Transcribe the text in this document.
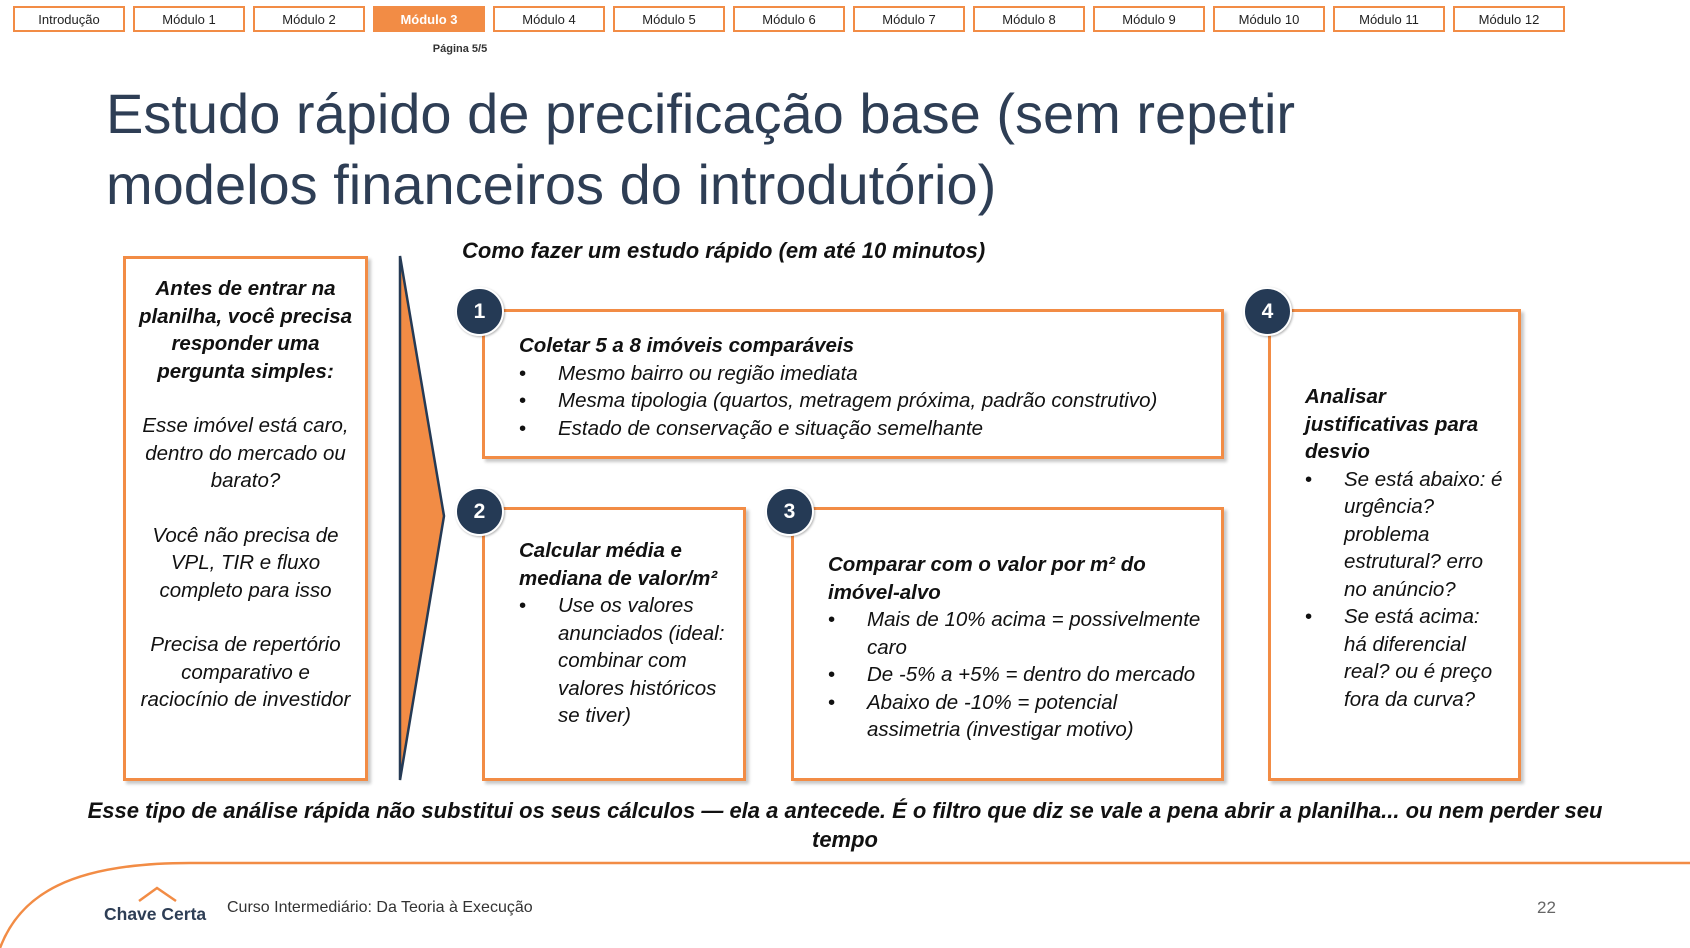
Introdução	Módulo 1	Módulo 2	Módulo 3	Módulo 4	Módulo 5	Módulo 6	Módulo 7	Módulo 8	Módulo 9	Módulo 10	Módulo 11	Módulo 12
Página 5/5
Estudo rápido de precificação base (sem repetir
modelos financeiros do introdutório)
Antes de entrar na planilha, você precisa responder uma pergunta simples:
Esse imóvel está caro, dentro do mercado ou barato?
Você não precisa de VPL, TIR e fluxo completo para isso
Precisa de repertório comparativo e raciocínio de investidor
Como fazer um estudo rápido (em até 10 minutos)
Coletar 5 a 8 imóveis comparáveis
• Mesmo bairro ou região imediata
• Mesma tipologia (quartos, metragem próxima, padrão construtivo)
• Estado de conservação e situação semelhante
1
Calcular média e mediana de valor/m²
• Use os valores anunciados (ideal: combinar com valores históricos se tiver)
2
Comparar com o valor por m² do imóvel-alvo
• Mais de 10% acima = possivelmente caro
• De -5% a +5% = dentro do mercado
• Abaixo de -10% = potencial assimetria (investigar motivo)
3
Analisar justificativas para desvio
• Se está abaixo: é urgência? problema estrutural? erro no anúncio?
• Se está acima: há diferencial real? ou é preço fora da curva?
4
Esse tipo de análise rápida não substitui os seus cálculos — ela a antecede. É o filtro que diz se vale a pena abrir a planilha... ou nem perder seu tempo
Chave Certa Curso Intermediário: Da Teoria à Execução	22
